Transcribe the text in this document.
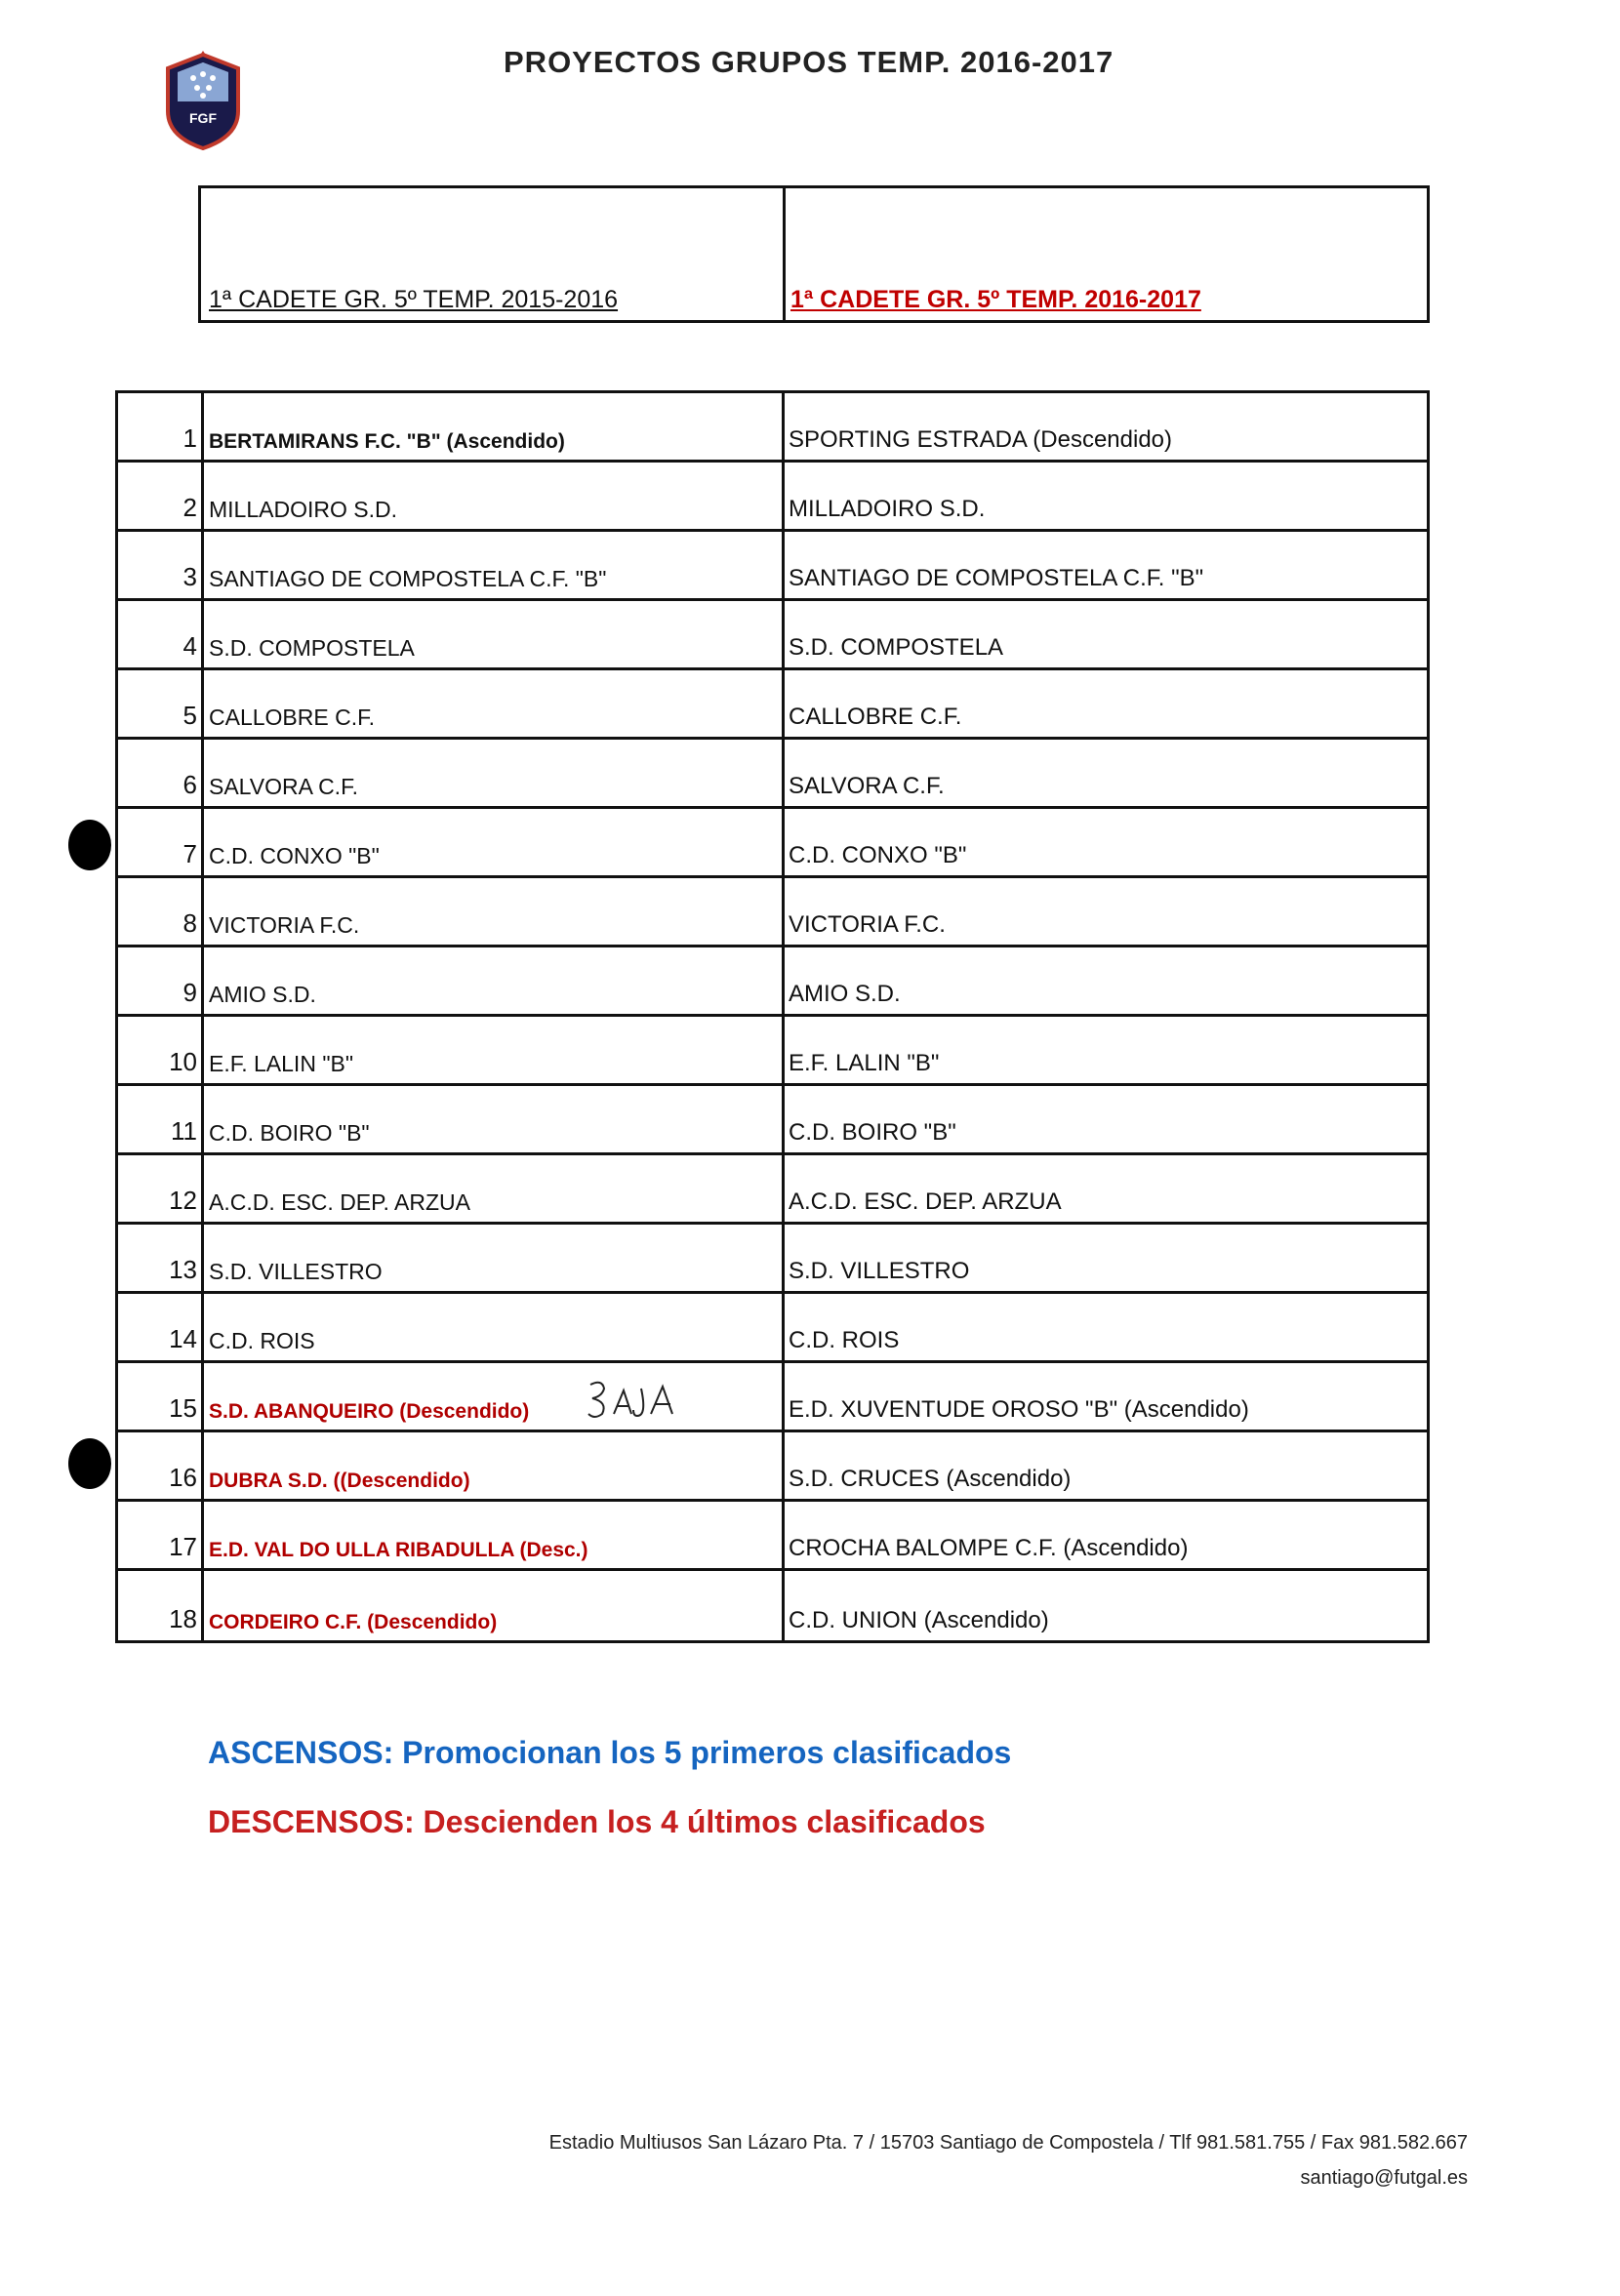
FGF
PROYECTOS GRUPOS TEMP. 2016-2017
1ª CADETE GR. 5º TEMP. 2015-2016	1ª CADETE GR. 5º TEMP. 2016-2017
1 BERTAMIRANS F.C. "B" (Ascendido)	SPORTING ESTRADA (Descendido)
2 MILLADOIRO S.D.	MILLADOIRO S.D.
3 SANTIAGO DE COMPOSTELA C.F. "B"	SANTIAGO DE COMPOSTELA C.F. "B"
4 S.D. COMPOSTELA	S.D. COMPOSTELA
5 CALLOBRE C.F.	CALLOBRE C.F.
6 SALVORA C.F.	SALVORA C.F.
7 C.D. CONXO "B"	C.D. CONXO "B"
8 VICTORIA F.C.	VICTORIA F.C.
9 AMIO S.D.	AMIO S.D.
10 E.F. LALIN "B"	E.F. LALIN "B"
11 C.D. BOIRO "B"	C.D. BOIRO "B"
12 A.C.D. ESC. DEP. ARZUA	A.C.D. ESC. DEP. ARZUA
13 S.D. VILLESTRO	S.D. VILLESTRO
14 C.D. ROIS	C.D. ROIS
15 S.D. ABANQUEIRO (Descendido)	E.D. XUVENTUDE OROSO "B" (Ascendido)
16 DUBRA S.D. ((Descendido)	S.D. CRUCES (Ascendido)
17 E.D. VAL DO ULLA RIBADULLA (Desc.)	CROCHA BALOMPE C.F. (Ascendido)
18 CORDEIRO C.F. (Descendido)	C.D. UNION (Ascendido)
ASCENSOS: Promocionan los 5 primeros clasificados
DESCENSOS: Descienden los 4 últimos clasificados
Estadio Multiusos San Lázaro Pta. 7 / 15703 Santiago de Compostela / Tlf 981.581.755 / Fax 981.582.667
santiago@futgal.es
